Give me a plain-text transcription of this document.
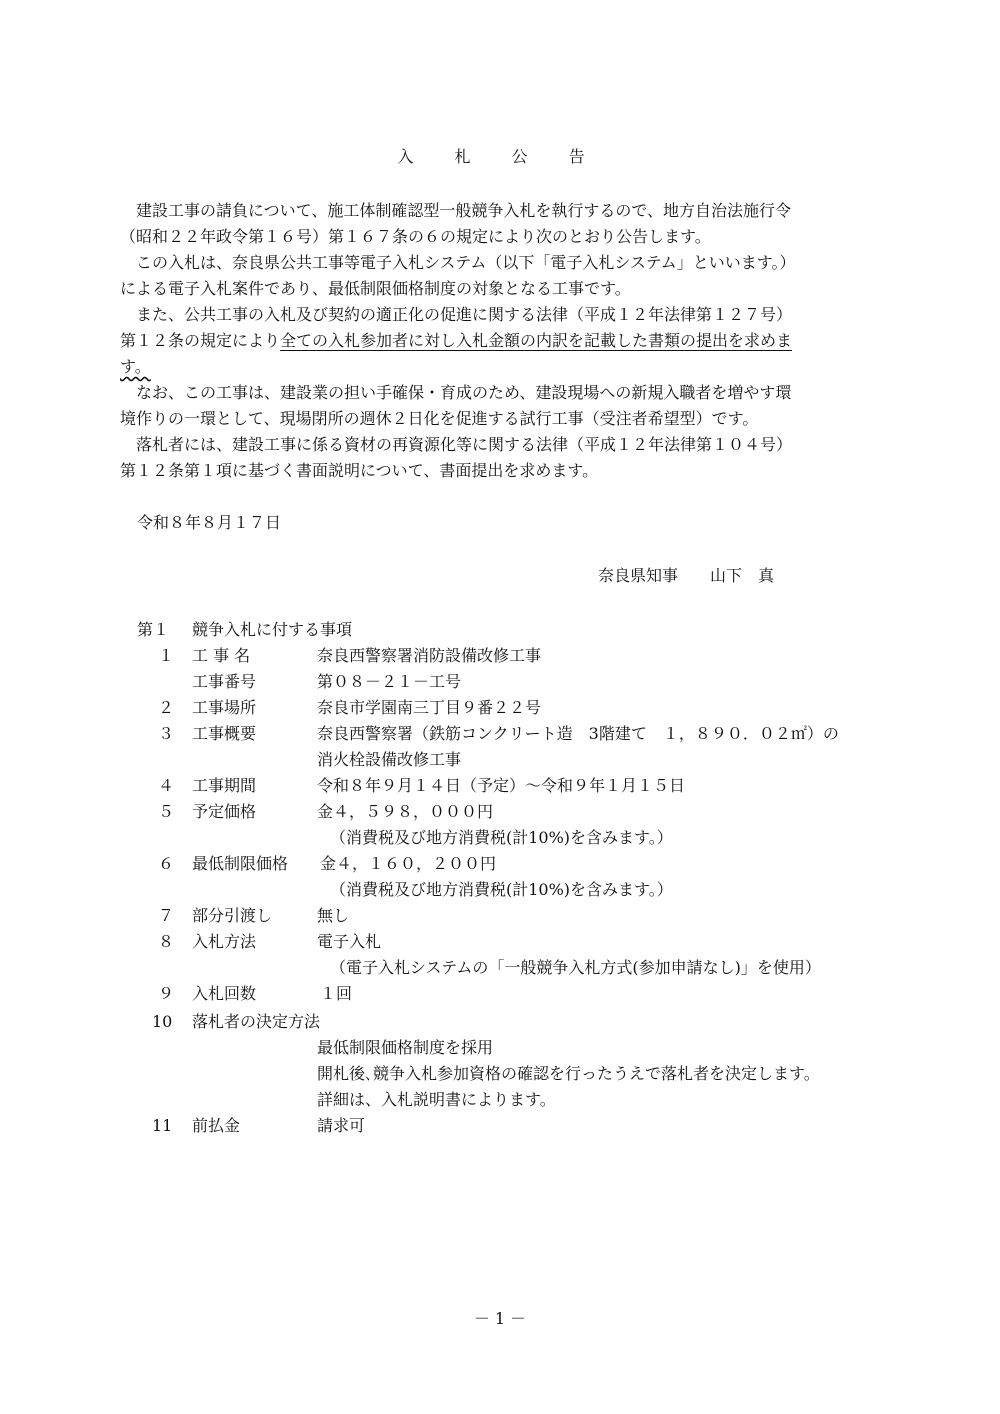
入 札 公 告
　建設工事の請負について、施工体制確認型一般競争入札を執行するので、地方自治法施行令
（昭和２２年政令第１６号）第１６７条の６の規定により次のとおり公告します。
　この入札は、奈良県公共工事等電子入札システム（以下「電子入札システム」といいます。）
による電子入札案件であり、最低制限価格制度の対象となる工事です。
　また、公共工事の入札及び契約の適正化の促進に関する法律（平成１２年法律第１２７号）
第１２条の規定により全ての入札参加者に対し入札金額の内訳を記載した書類の提出を求めま
す。
　なお、この工事は、建設業の担い手確保・育成のため、建設現場への新規入職者を増やす環
境作りの一環として、現場閉所の週休２日化を促進する試行工事（受注者希望型）です。
　落札者には、建設工事に係る資材の再資源化等に関する法律（平成１２年法律第１０４号）
第１２条第１項に基づく書面説明について、書面提出を求めます。
令和８年８月１７日
奈良県知事　　山下　真
第１ 競争入札に付する事項
１ 工 事 名	奈良西警察署消防設備改修工事
工事番号	第０８－２１－工号
２ 工事場所	奈良市学園南三丁目９番２２号
３ 工事概要	奈良西警察署（鉄筋コンクリート造　3階建て　１，８９０．０２㎡）の
消火栓設備改修工事
４ 工事期間	令和８年９月１４日（予定）～令和９年１月１５日
５ 予定価格	金４，５９８，０００円
（消費税及び地方消費税(計10%)を含みます。）
６ 最低制限価格 金４，１６０，２００円
（消費税及び地方消費税(計10%)を含みます。）
７ 部分引渡し	無し
８ 入札方法	電子入札
（電子入札システムの「一般競争入札方式(参加申請なし)」を使用）
９ 入札回数	１回
10 落札者の決定方法
最低制限価格制度を採用
開札後､競争入札参加資格の確認を行ったうえで落札者を決定します。
詳細は、入札説明書によります。
11 前払金	請求可
－ 1 －
